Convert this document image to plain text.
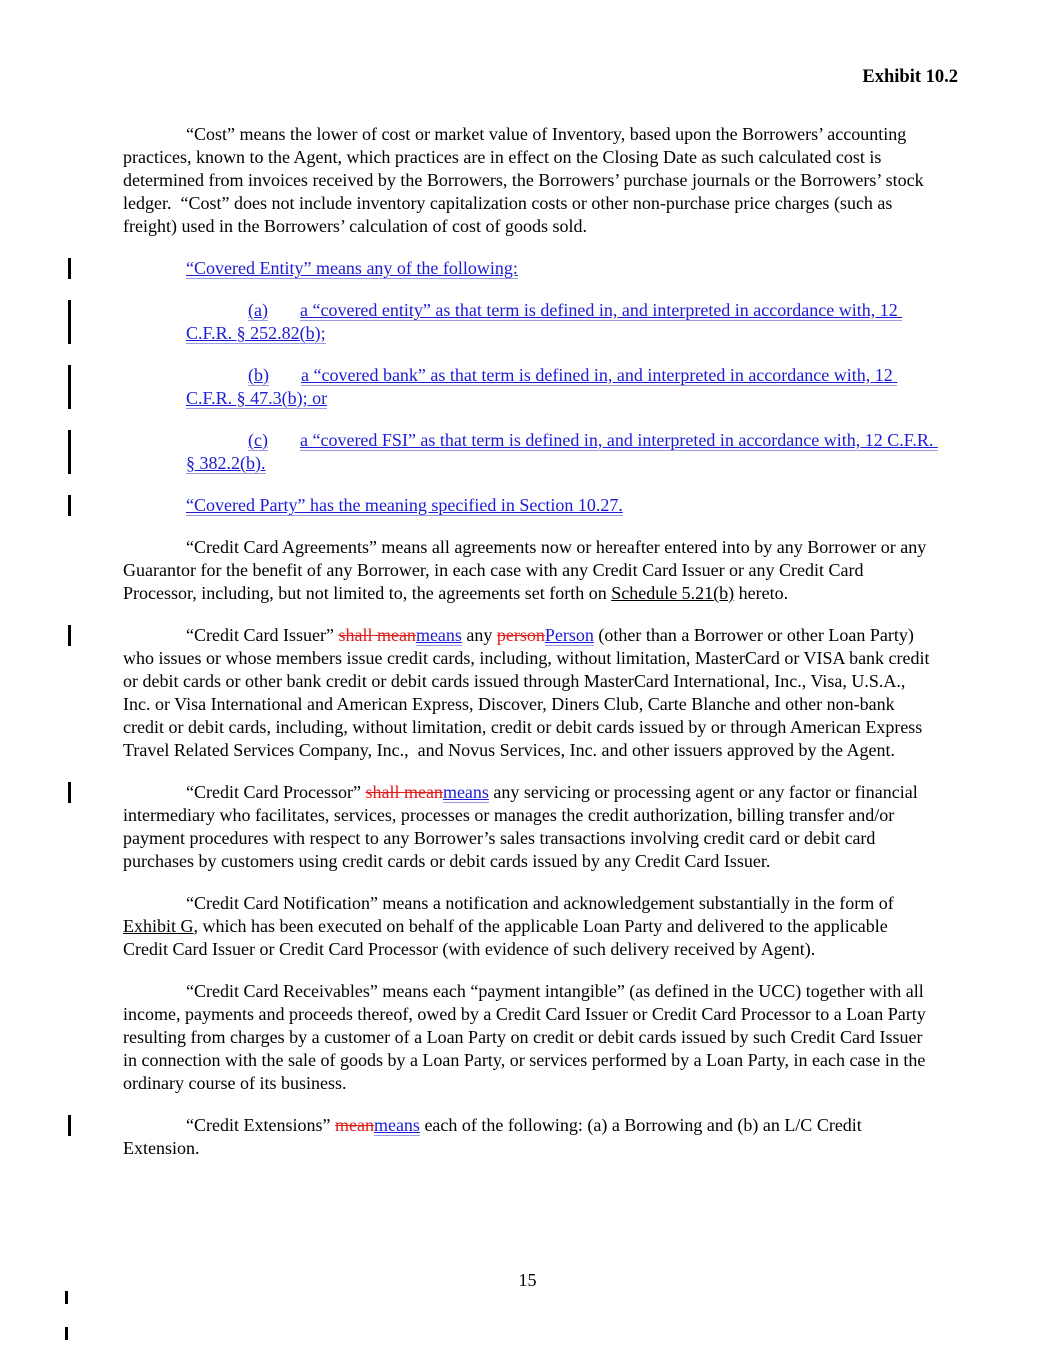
Exhibit 10.2

“Cost” means the lower of cost or market value of Inventory, based upon the Borrowers’ accounting practices, known to the Agent, which practices are in effect on the Closing Date as such calculated cost is determined from invoices received by the Borrowers, the Borrowers’ purchase journals or the Borrowers’ stock ledger.  “Cost” does not include inventory capitalization costs or other non-purchase price charges (such as freight) used in the Borrowers’ calculation of cost of goods sold.

“Covered Entity” means any of the following:

(a) a “covered entity” as that term is defined in, and interpreted in accordance with, 12 C.F.R. § 252.82(b);

(b) a “covered bank” as that term is defined in, and interpreted in accordance with, 12 C.F.R. § 47.3(b); or

(c) a “covered FSI” as that term is defined in, and interpreted in accordance with, 12 C.F.R. § 382.2(b).

“Covered Party” has the meaning specified in Section 10.27.

“Credit Card Agreements” means all agreements now or hereafter entered into by any Borrower or any Guarantor for the benefit of any Borrower, in each case with any Credit Card Issuer or any Credit Card Processor, including, but not limited to, the agreements set forth on Schedule 5.21(b) hereto.

“Credit Card Issuer” shall meanmeans any personPerson (other than a Borrower or other Loan Party) who issues or whose members issue credit cards, including, without limitation, MasterCard or VISA bank credit or debit cards or other bank credit or debit cards issued through MasterCard International, Inc., Visa, U.S.A., Inc. or Visa International and American Express, Discover, Diners Club, Carte Blanche and other non-bank credit or debit cards, including, without limitation, credit or debit cards issued by or through American Express Travel Related Services Company, Inc.,  and Novus Services, Inc. and other issuers approved by the Agent.

“Credit Card Processor” shall meanmeans any servicing or processing agent or any factor or financial intermediary who facilitates, services, processes or manages the credit authorization, billing transfer and/or payment procedures with respect to any Borrower’s sales transactions involving credit card or debit card purchases by customers using credit cards or debit cards issued by any Credit Card Issuer.

“Credit Card Notification” means a notification and acknowledgement substantially in the form of Exhibit G, which has been executed on behalf of the applicable Loan Party and delivered to the applicable Credit Card Issuer or Credit Card Processor (with evidence of such delivery received by Agent).

“Credit Card Receivables” means each “payment intangible” (as defined in the UCC) together with all income, payments and proceeds thereof, owed by a Credit Card Issuer or Credit Card Processor to a Loan Party resulting from charges by a customer of a Loan Party on credit or debit cards issued by such Credit Card Issuer in connection with the sale of goods by a Loan Party, or services performed by a Loan Party, in each case in the ordinary course of its business.

“Credit Extensions” meanmeans each of the following: (a) a Borrowing and (b) an L/C Credit Extension.

15
